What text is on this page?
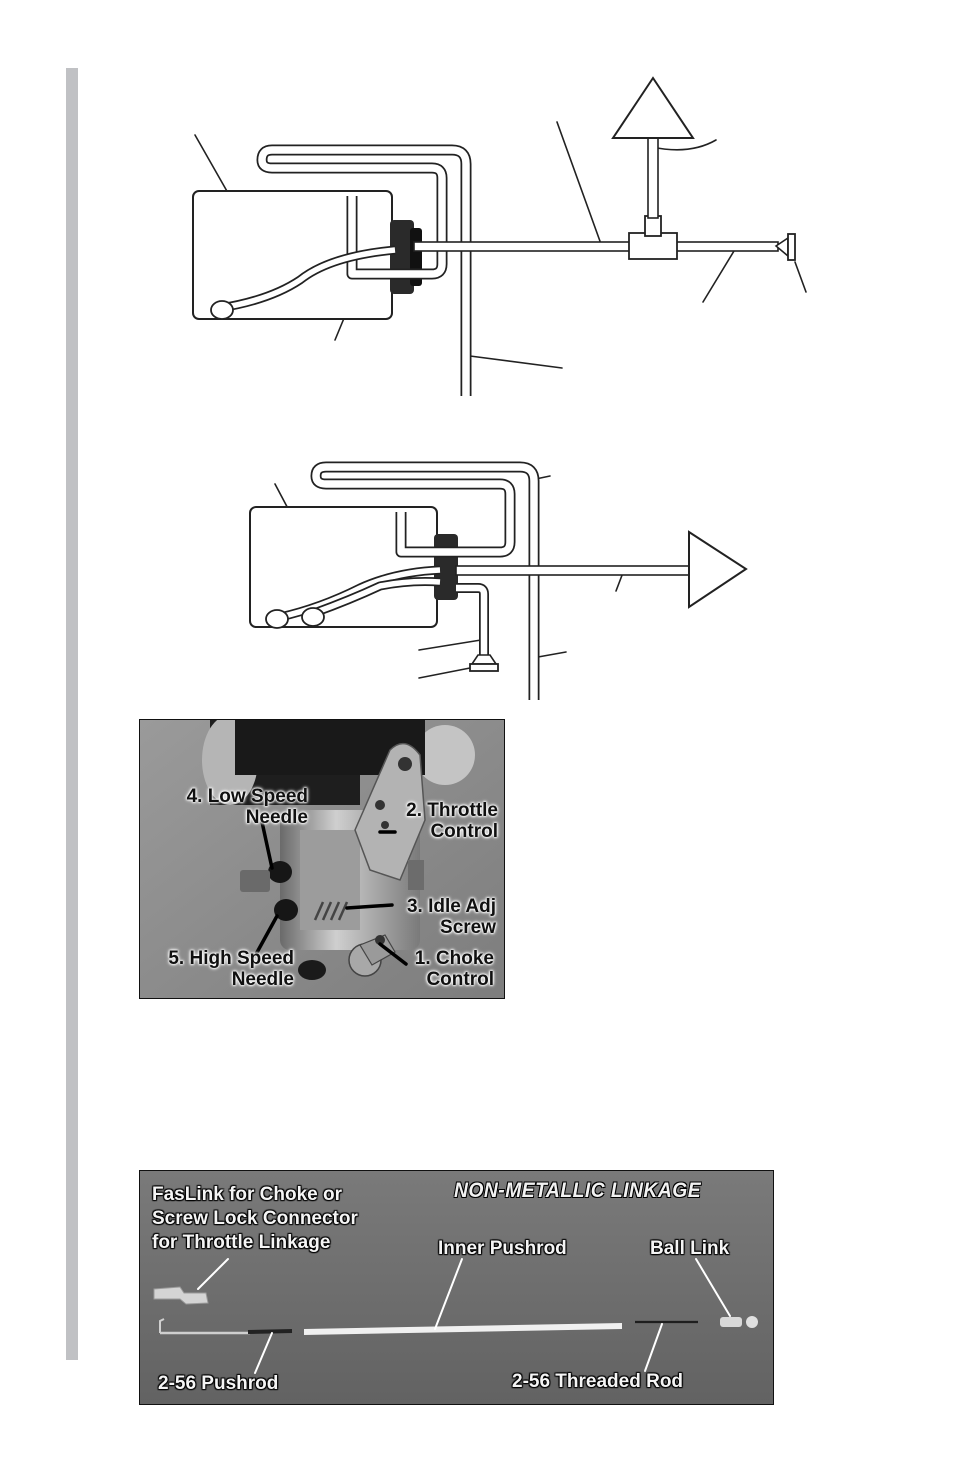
4. Low Speed
Needle	2. Throttle
Control
3. Idle Adj
Screw
5. High Speed
Needle
1. Choke
Control
NON-METALLIC LINKAGE
FasLink for Choke or
Screw Lock Connector
for Throttle Linkage	Inner Pushrod	Ball Link
2-56 Pushrod	2-56 Threaded Rod
